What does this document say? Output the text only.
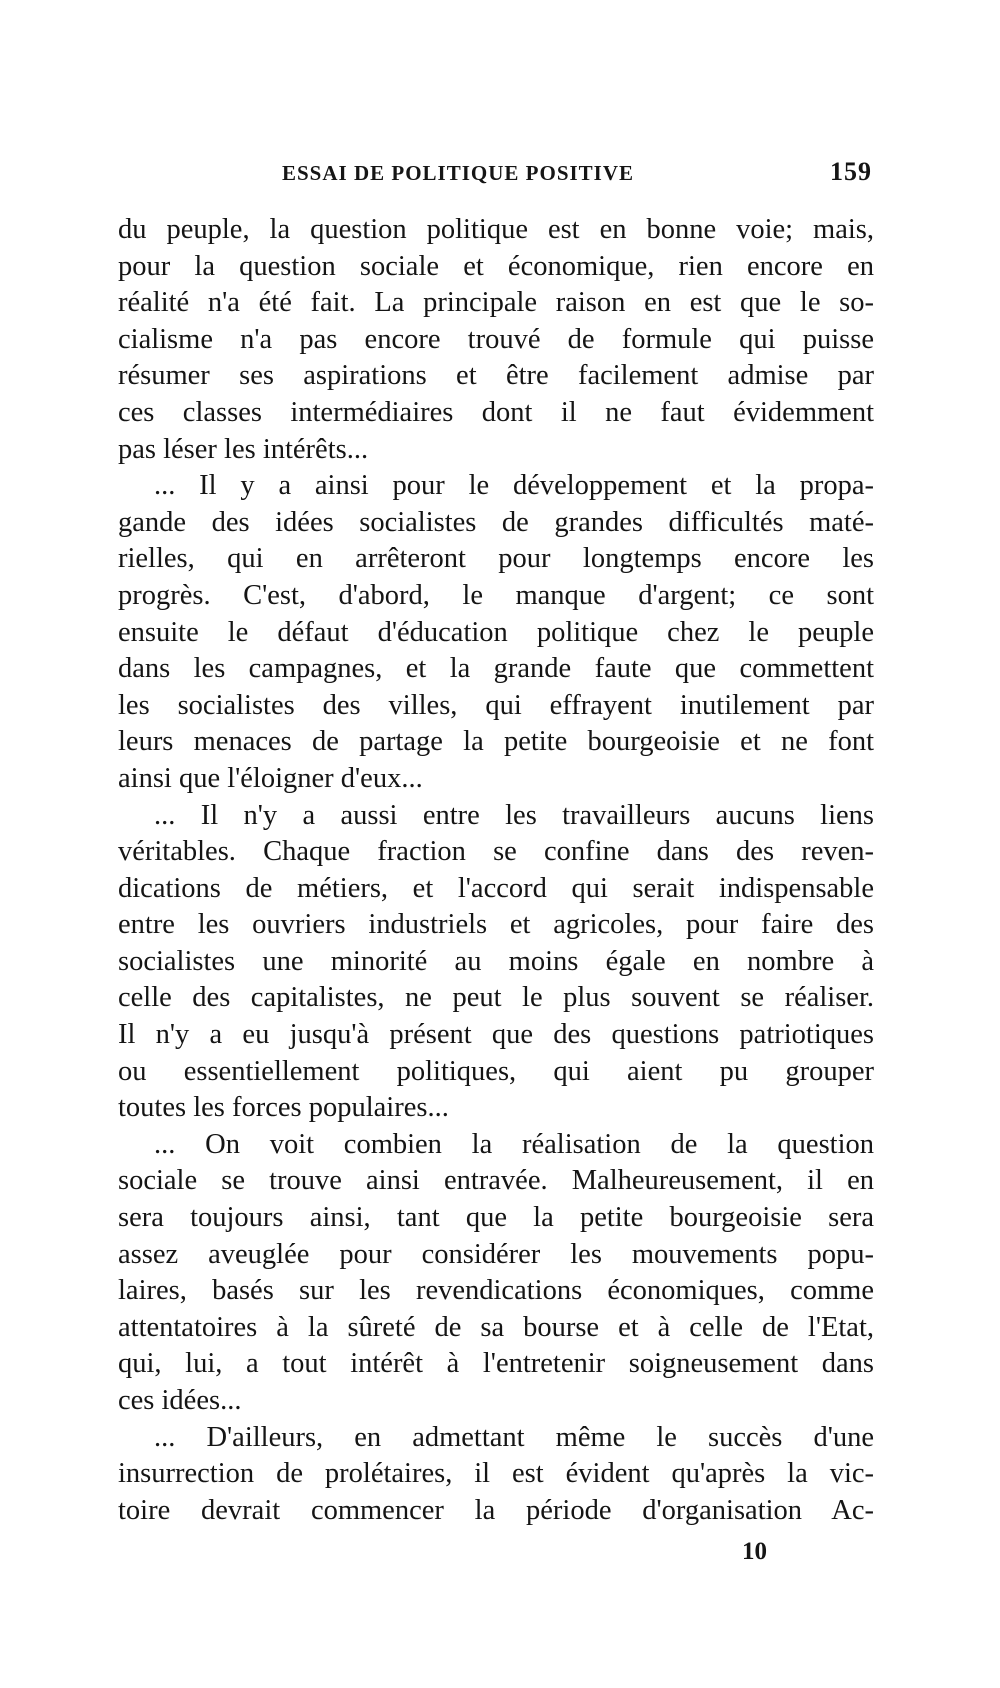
ESSAI DE POLITIQUE POSITIVE	159
du peuple, la question politique est en bonne voie; mais,
pour la question sociale et économique, rien encore en
réalité n'a été fait. La principale raison en est que le so-
cialisme n'a pas encore trouvé de formule qui puisse
résumer ses aspirations et être facilement admise par
ces classes intermédiaires dont il ne faut évidemment
pas léser les intérêts...
... Il y a ainsi pour le développement et la propa-
gande des idées socialistes de grandes difficultés maté-
rielles, qui en arrêteront pour longtemps encore les
progrès. C'est, d'abord, le manque d'argent; ce sont
ensuite le défaut d'éducation politique chez le peuple
dans les campagnes, et la grande faute que commettent
les socialistes des villes, qui effrayent inutilement par
leurs menaces de partage la petite bourgeoisie et ne font
ainsi que l'éloigner d'eux...
... Il n'y a aussi entre les travailleurs aucuns liens
véritables. Chaque fraction se confine dans des reven-
dications de métiers, et l'accord qui serait indispensable
entre les ouvriers industriels et agricoles, pour faire des
socialistes une minorité au moins égale en nombre à
celle des capitalistes, ne peut le plus souvent se réaliser.
Il n'y a eu jusqu'à présent que des questions patriotiques
ou essentiellement politiques, qui aient pu grouper
toutes les forces populaires...
... On voit combien la réalisation de la question
sociale se trouve ainsi entravée. Malheureusement, il en
sera toujours ainsi, tant que la petite bourgeoisie sera
assez aveuglée pour considérer les mouvements popu-
laires, basés sur les revendications économiques, comme
attentatoires à la sûreté de sa bourse et à celle de l'Etat,
qui, lui, a tout intérêt à l'entretenir soigneusement dans
ces idées...
... D'ailleurs, en admettant même le succès d'une
insurrection de prolétaires, il est évident qu'après la vic-
toire devrait commencer la période d'organisation Ac-
10
